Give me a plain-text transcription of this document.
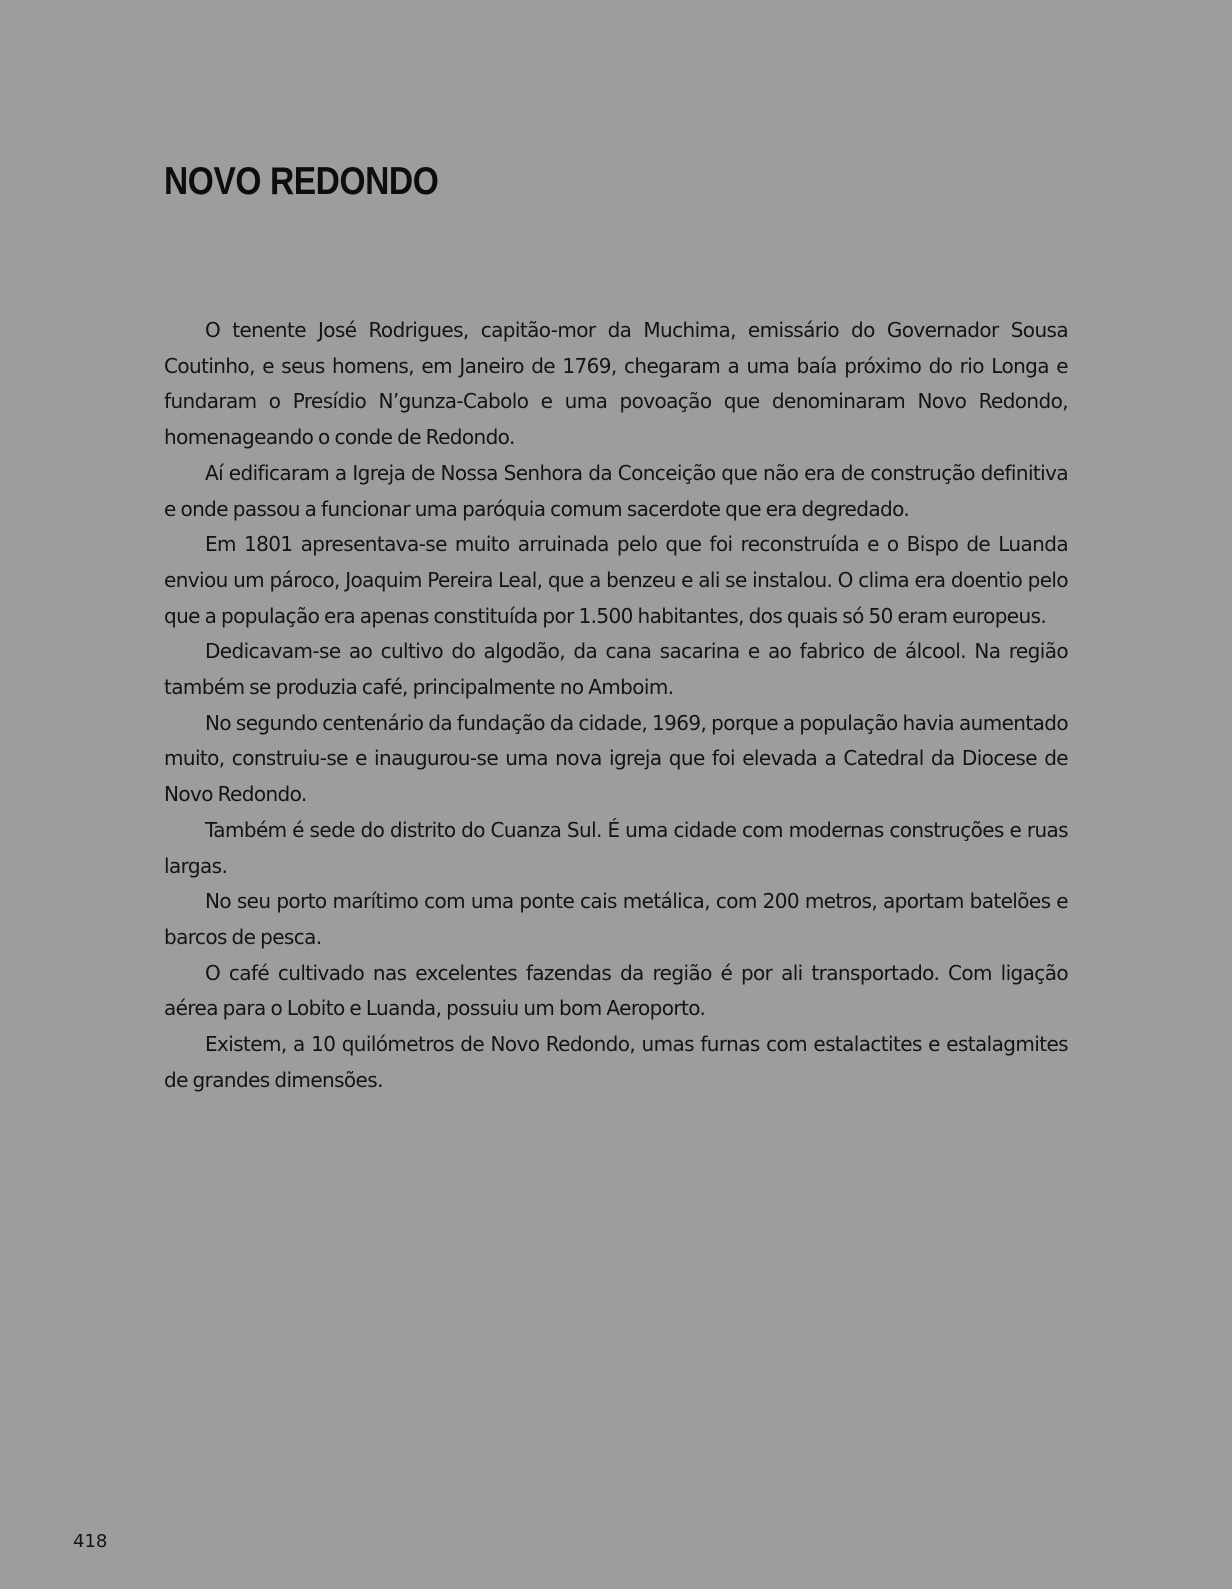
NOVO REDONDO

O tenente José Rodrigues, capitão-mor da Muchima, emissário do Governador Sousa Coutinho, e seus homens, em Janeiro de 1769, chegaram a uma baía próximo do rio Longa e fundaram o Presídio N’gunza-Cabolo e uma povoação que denominaram Novo Redondo, homenageando o conde de Redondo.

Aí edificaram a Igreja de Nossa Senhora da Conceição que não era de construção definitiva e onde passou a funcionar uma paróquia comum sacerdote que era degredado.

Em 1801 apresentava-se muito arruinada pelo que foi reconstruída e o Bispo de Luanda enviou um pároco, Joaquim Pereira Leal, que a benzeu e ali se instalou. O clima era doentio pelo que a população era apenas constituída por 1.500 habitantes, dos quais só 50 eram europeus.

Dedicavam-se ao cultivo do algodão, da cana sacarina e ao fabrico de álcool. Na região também se produzia café, principalmente no Amboim.

No segundo centenário da fundação da cidade, 1969, porque a população havia aumentado muito, construiu-se e inaugurou-se uma nova igreja que foi elevada a Catedral da Diocese de Novo Redondo.

Também é sede do distrito do Cuanza Sul. É uma cidade com modernas construções e ruas largas.

No seu porto marítimo com uma ponte cais metálica, com 200 metros, aportam batelões e barcos de pesca.

O café cultivado nas excelentes fazendas da região é por ali transportado. Com ligação aérea para o Lobito e Luanda, possuiu um bom Aeroporto.

Existem, a 10 quilómetros de Novo Redondo, umas furnas com estalactites e estalagmites de grandes dimensões.

418
